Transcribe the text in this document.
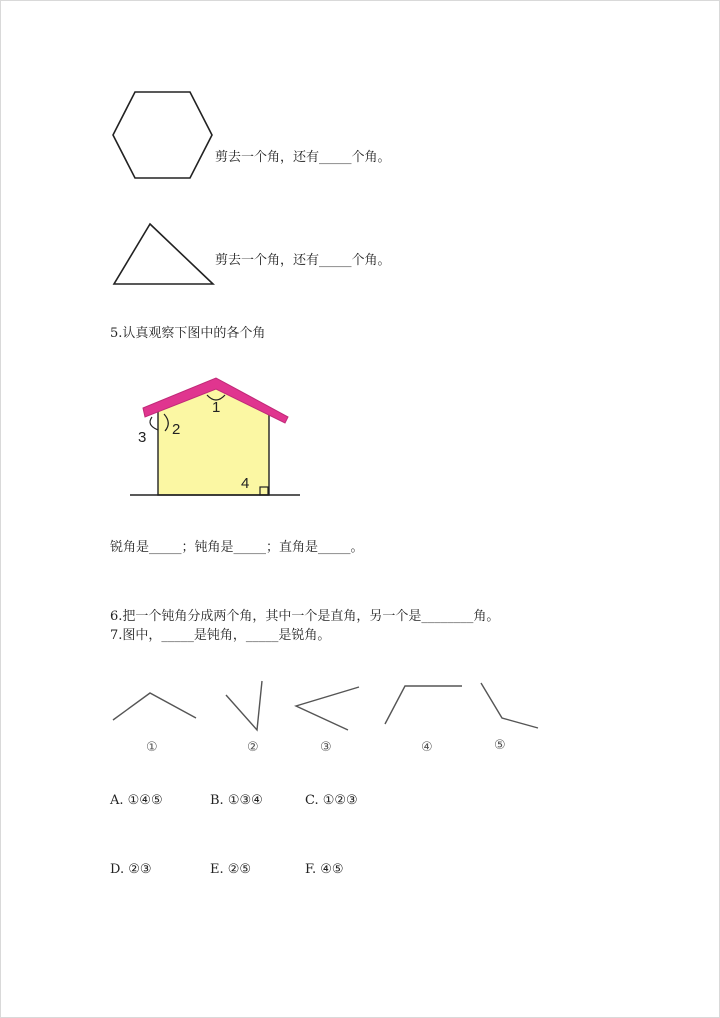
剪去一个角，还有_____个角。
剪去一个角，还有_____个角。
5.认真观察下图中的各个角
1
2
3
4
锐角是_____；钝角是_____；直角是_____。
6.把一个钝角分成两个角，其中一个是直角，另一个是________角。
7.图中，_____是钝角，_____是锐角。
①	②	③	④	⑤
A. ①④⑤	B. ①③④	C. ①②③
D. ②③	E. ②⑤	F. ④⑤
